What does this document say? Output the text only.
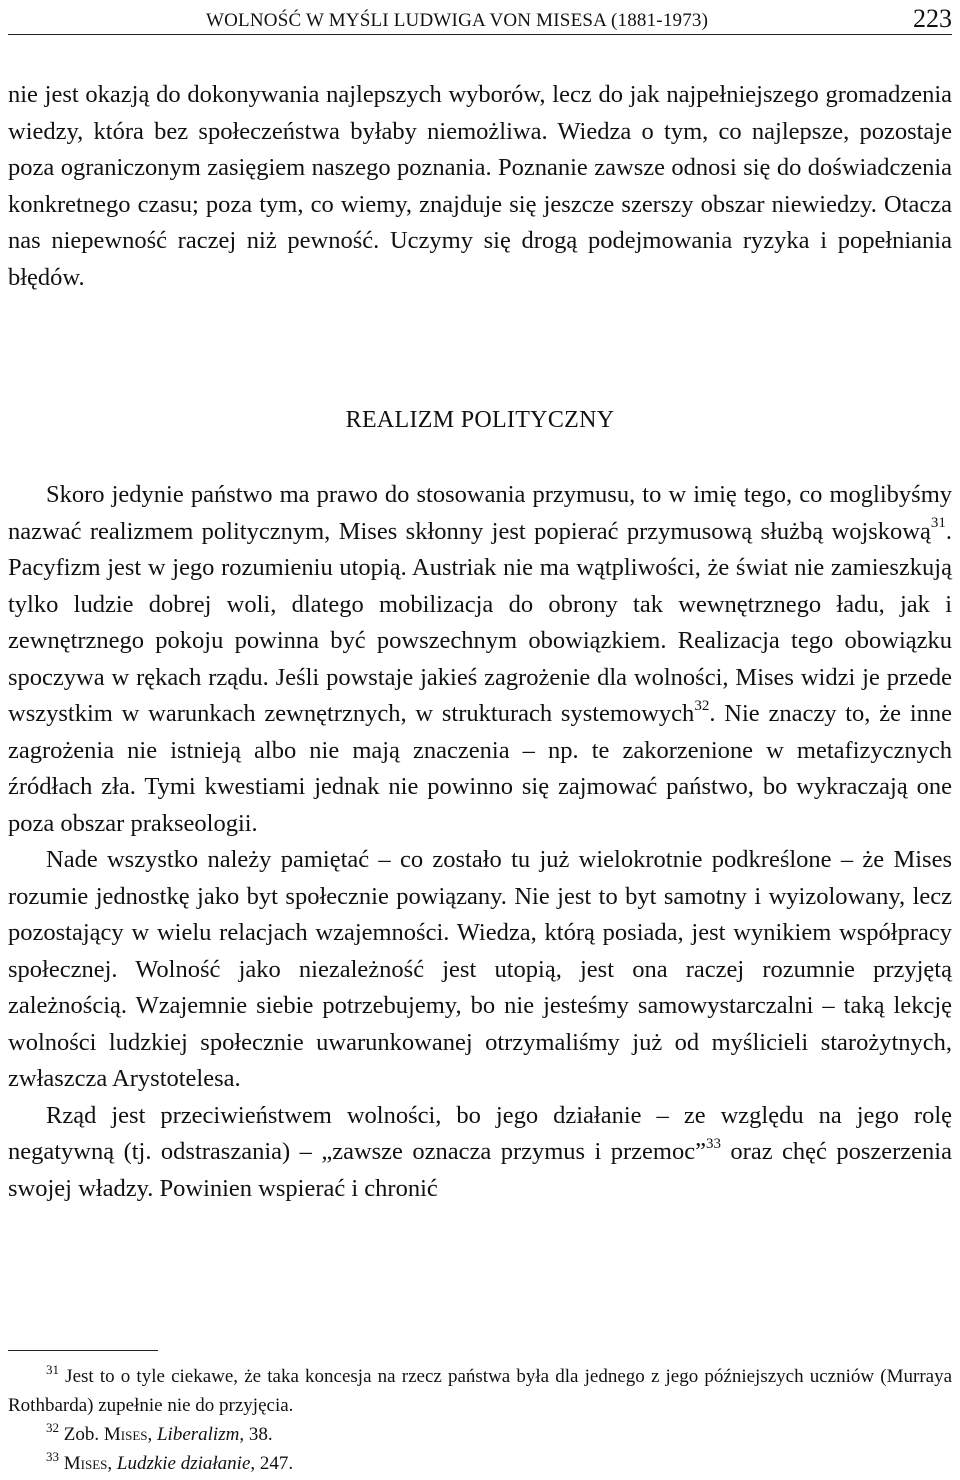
WOLNOŚĆ W MYŚLI LUDWIGA VON MISESA (1881-1973)	223

nie jest okazją do dokonywania najlepszych wyborów, lecz do jak najpełniejszego gromadzenia wiedzy, która bez społeczeństwa byłaby niemożliwa. Wiedza o tym, co najlepsze, pozostaje poza ograniczonym zasięgiem naszego poznania. Poznanie zawsze odnosi się do doświadczenia konkretnego czasu; poza tym, co wiemy, znajduje się jeszcze szerszy obszar niewiedzy. Otacza nas niepewność raczej niż pewność. Uczymy się drogą podejmowania ryzyka i popełniania błędów.

REALIZM POLITYCZNY

Skoro jedynie państwo ma prawo do stosowania przymusu, to w imię tego, co moglibyśmy nazwać realizmem politycznym, Mises skłonny jest popierać przymusową służbą wojskową$^{31}$. Pacyfizm jest w jego rozumieniu utopią. Austriak nie ma wątpliwości, że świat nie zamieszkują tylko ludzie dobrej woli, dlatego mobilizacja do obrony tak wewnętrznego ładu, jak i zewnętrznego pokoju powinna być powszechnym obowiązkiem. Realizacja tego obowiązku spoczywa w rękach rządu. Jeśli powstaje jakieś zagrożenie dla wolności, Mises widzi je przede wszystkim w warunkach zewnętrznych, w strukturach systemowych$^{32}$. Nie znaczy to, że inne zagrożenia nie istnieją albo nie mają znaczenia – np. te zakorzenione w metafizycznych źródłach zła. Tymi kwestiami jednak nie powinno się zajmować państwo, bo wykraczają one poza obszar prakseologii.

Nade wszystko należy pamiętać – co zostało tu już wielokrotnie podkreślone – że Mises rozumie jednostkę jako byt społecznie powiązany. Nie jest to byt samotny i wyizolowany, lecz pozostający w wielu relacjach wzajemności. Wiedza, którą posiada, jest wynikiem współpracy społecznej. Wolność jako niezależność jest utopią, jest ona raczej rozumnie przyjętą zależnością. Wzajemnie siebie potrzebujemy, bo nie jesteśmy samowystarczalni – taką lekcję wolności ludzkiej społecznie uwarunkowanej otrzymaliśmy już od myślicieli starożytnych, zwłaszcza Arystotelesa.

Rząd jest przeciwieństwem wolności, bo jego działanie – ze względu na jego rolę negatywną (tj. odstraszania) – „zawsze oznacza przymus i przemoc”$^{33}$ oraz chęć poszerzenia swojej władzy. Powinien wspierać i chronić

$^{31}$ Jest to o tyle ciekawe, że taka koncesja na rzecz państwa była dla jednego z jego późniejszych uczniów (Murraya Rothbarda) zupełnie nie do przyjęcia.

$^{32}$ Zob. Mises, Liberalizm, 38.

$^{33}$ Mises, Ludzkie działanie, 247.
